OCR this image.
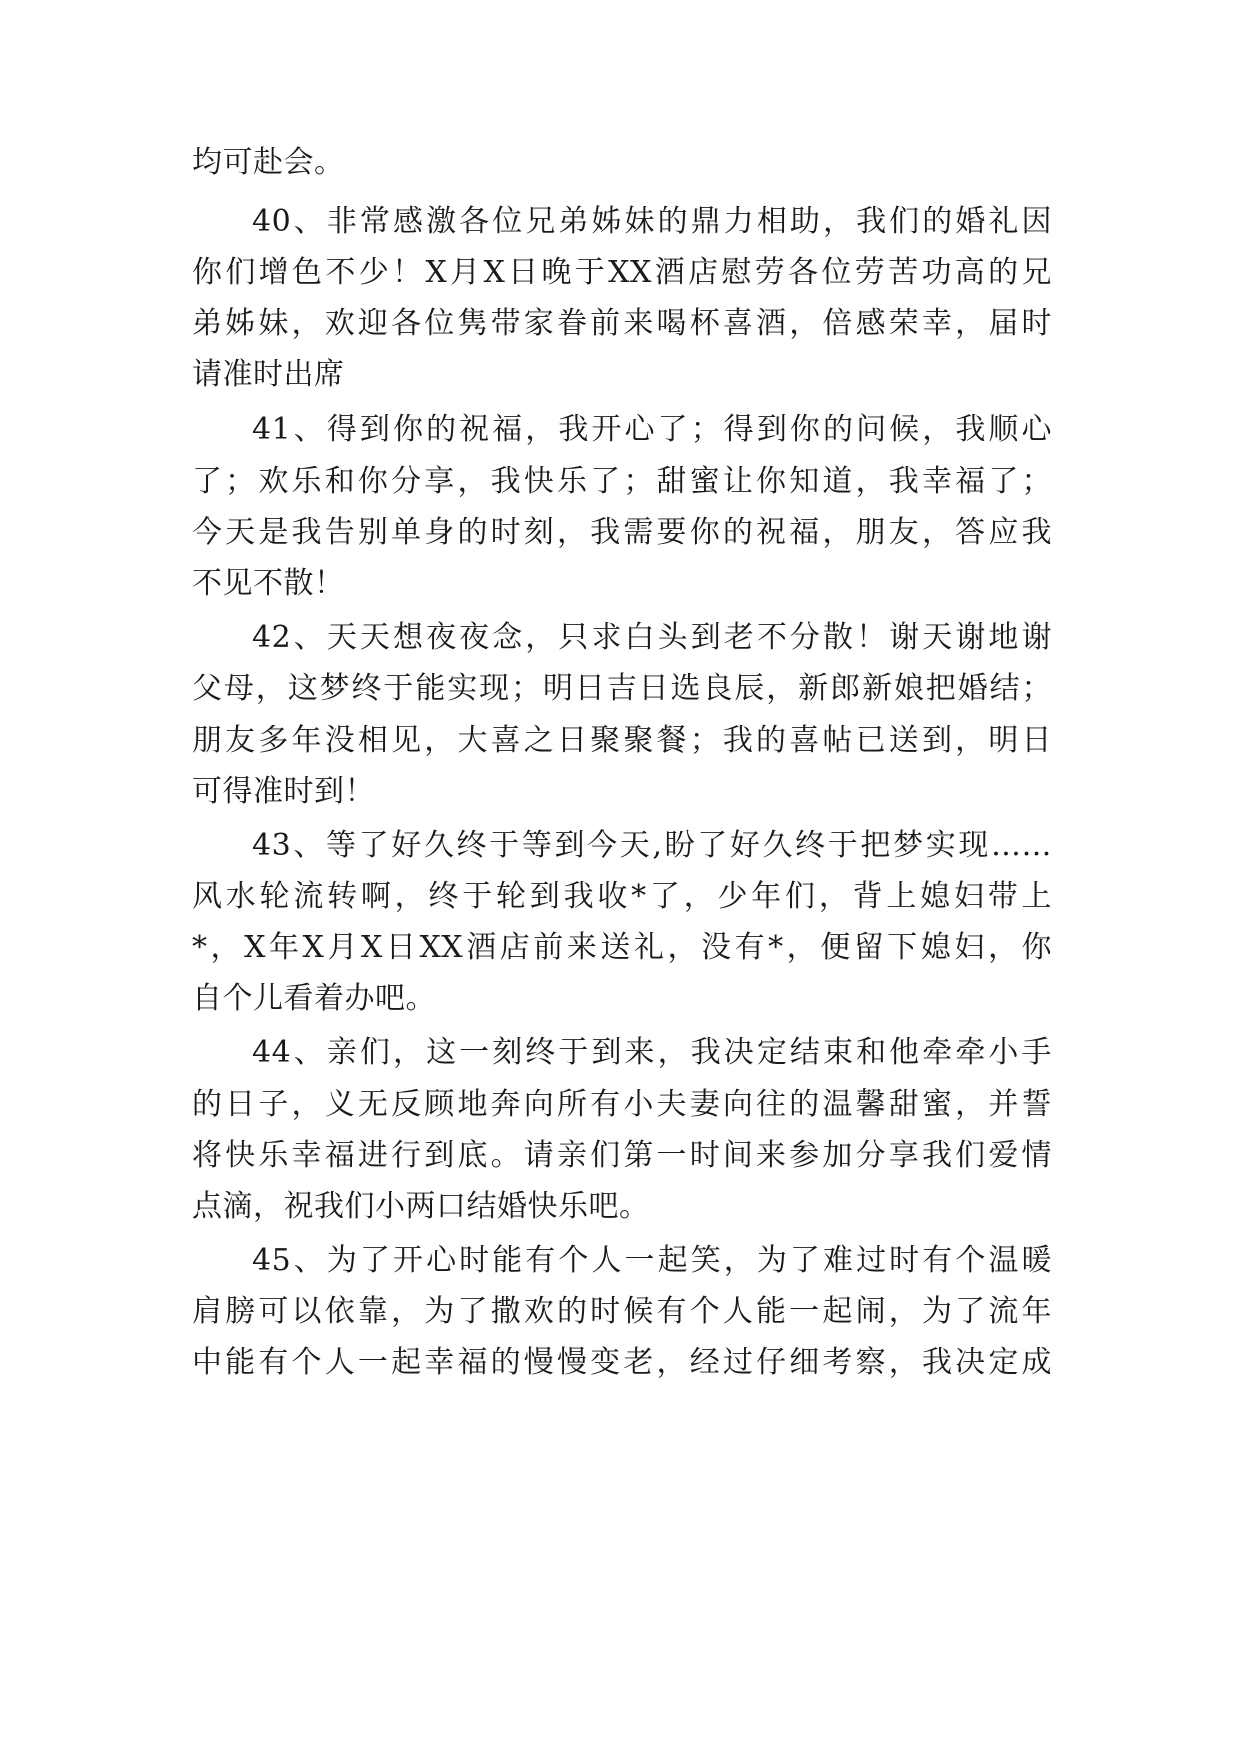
均可赴会。
40、非常感激各位兄弟姊妹的鼎力相助，我们的婚礼因
你们增色不少！X月X日晚于XX酒店慰劳各位劳苦功高的兄
弟姊妹，欢迎各位隽带家眷前来喝杯喜酒，倍感荣幸，届时
请准时出席
41、得到你的祝福，我开心了；得到你的问候，我顺心
了；欢乐和你分享，我快乐了；甜蜜让你知道，我幸福了；
今天是我告别单身的时刻，我需要你的祝福，朋友，答应我
不见不散！
42、天天想夜夜念，只求白头到老不分散！谢天谢地谢
父母，这梦终于能实现；明日吉日选良辰，新郎新娘把婚结；
朋友多年没相见，大喜之日聚聚餐；我的喜帖已送到，明日
可得准时到！
43、等了好久终于等到今天,盼了好久终于把梦实现……
风水轮流转啊，终于轮到我收*了，少年们，背上媳妇带上
*，X年X月X日XX酒店前来送礼，没有*，便留下媳妇，你
自个儿看着办吧。
44、亲们，这一刻终于到来，我决定结束和他牵牵小手
的日子，义无反顾地奔向所有小夫妻向往的温馨甜蜜，并誓
将快乐幸福进行到底。请亲们第一时间来参加分享我们爱情
点滴，祝我们小两口结婚快乐吧。
45、为了开心时能有个人一起笑，为了难过时有个温暖
肩膀可以依靠，为了撒欢的时候有个人能一起闹，为了流年
中能有个人一起幸福的慢慢变老，经过仔细考察，我决定成
